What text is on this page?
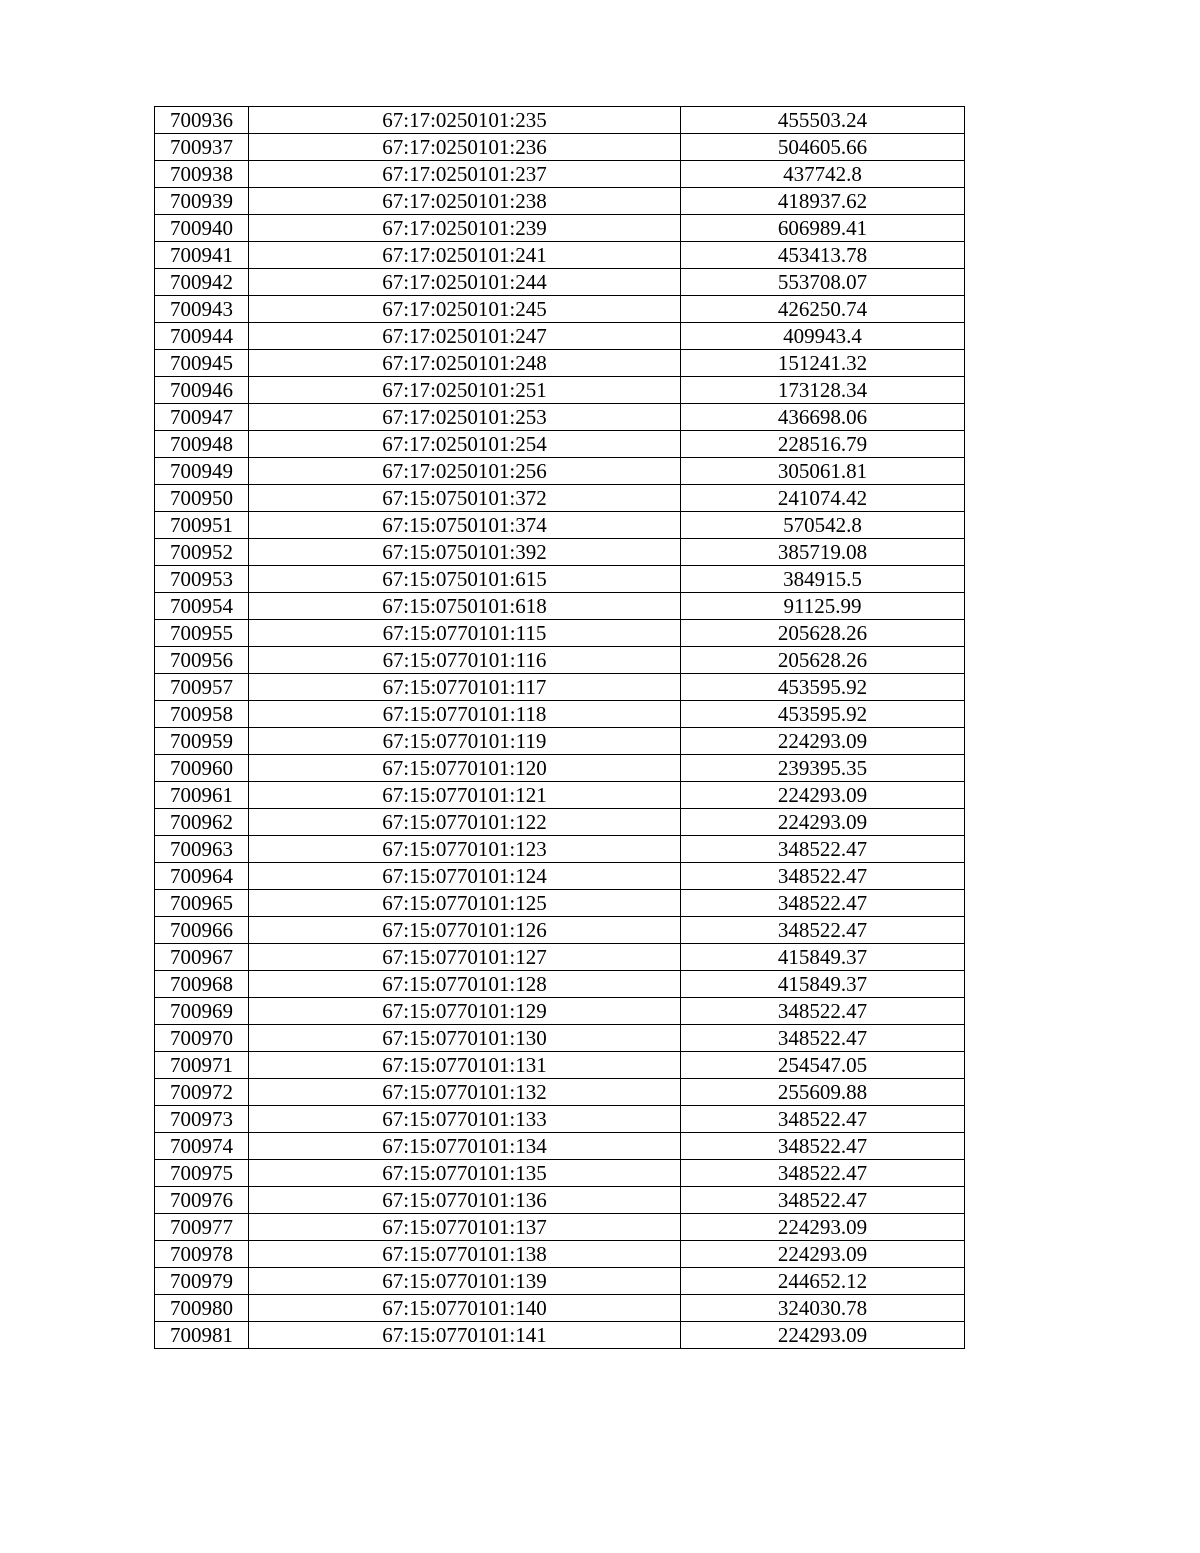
700936	67:17:0250101:235	455503.24
700937	67:17:0250101:236	504605.66
700938	67:17:0250101:237	437742.8
700939	67:17:0250101:238	418937.62
700940	67:17:0250101:239	606989.41
700941	67:17:0250101:241	453413.78
700942	67:17:0250101:244	553708.07
700943	67:17:0250101:245	426250.74
700944	67:17:0250101:247	409943.4
700945	67:17:0250101:248	151241.32
700946	67:17:0250101:251	173128.34
700947	67:17:0250101:253	436698.06
700948	67:17:0250101:254	228516.79
700949	67:17:0250101:256	305061.81
700950	67:15:0750101:372	241074.42
700951	67:15:0750101:374	570542.8
700952	67:15:0750101:392	385719.08
700953	67:15:0750101:615	384915.5
700954	67:15:0750101:618	91125.99
700955	67:15:0770101:115	205628.26
700956	67:15:0770101:116	205628.26
700957	67:15:0770101:117	453595.92
700958	67:15:0770101:118	453595.92
700959	67:15:0770101:119	224293.09
700960	67:15:0770101:120	239395.35
700961	67:15:0770101:121	224293.09
700962	67:15:0770101:122	224293.09
700963	67:15:0770101:123	348522.47
700964	67:15:0770101:124	348522.47
700965	67:15:0770101:125	348522.47
700966	67:15:0770101:126	348522.47
700967	67:15:0770101:127	415849.37
700968	67:15:0770101:128	415849.37
700969	67:15:0770101:129	348522.47
700970	67:15:0770101:130	348522.47
700971	67:15:0770101:131	254547.05
700972	67:15:0770101:132	255609.88
700973	67:15:0770101:133	348522.47
700974	67:15:0770101:134	348522.47
700975	67:15:0770101:135	348522.47
700976	67:15:0770101:136	348522.47
700977	67:15:0770101:137	224293.09
700978	67:15:0770101:138	224293.09
700979	67:15:0770101:139	244652.12
700980	67:15:0770101:140	324030.78
700981	67:15:0770101:141	224293.09
